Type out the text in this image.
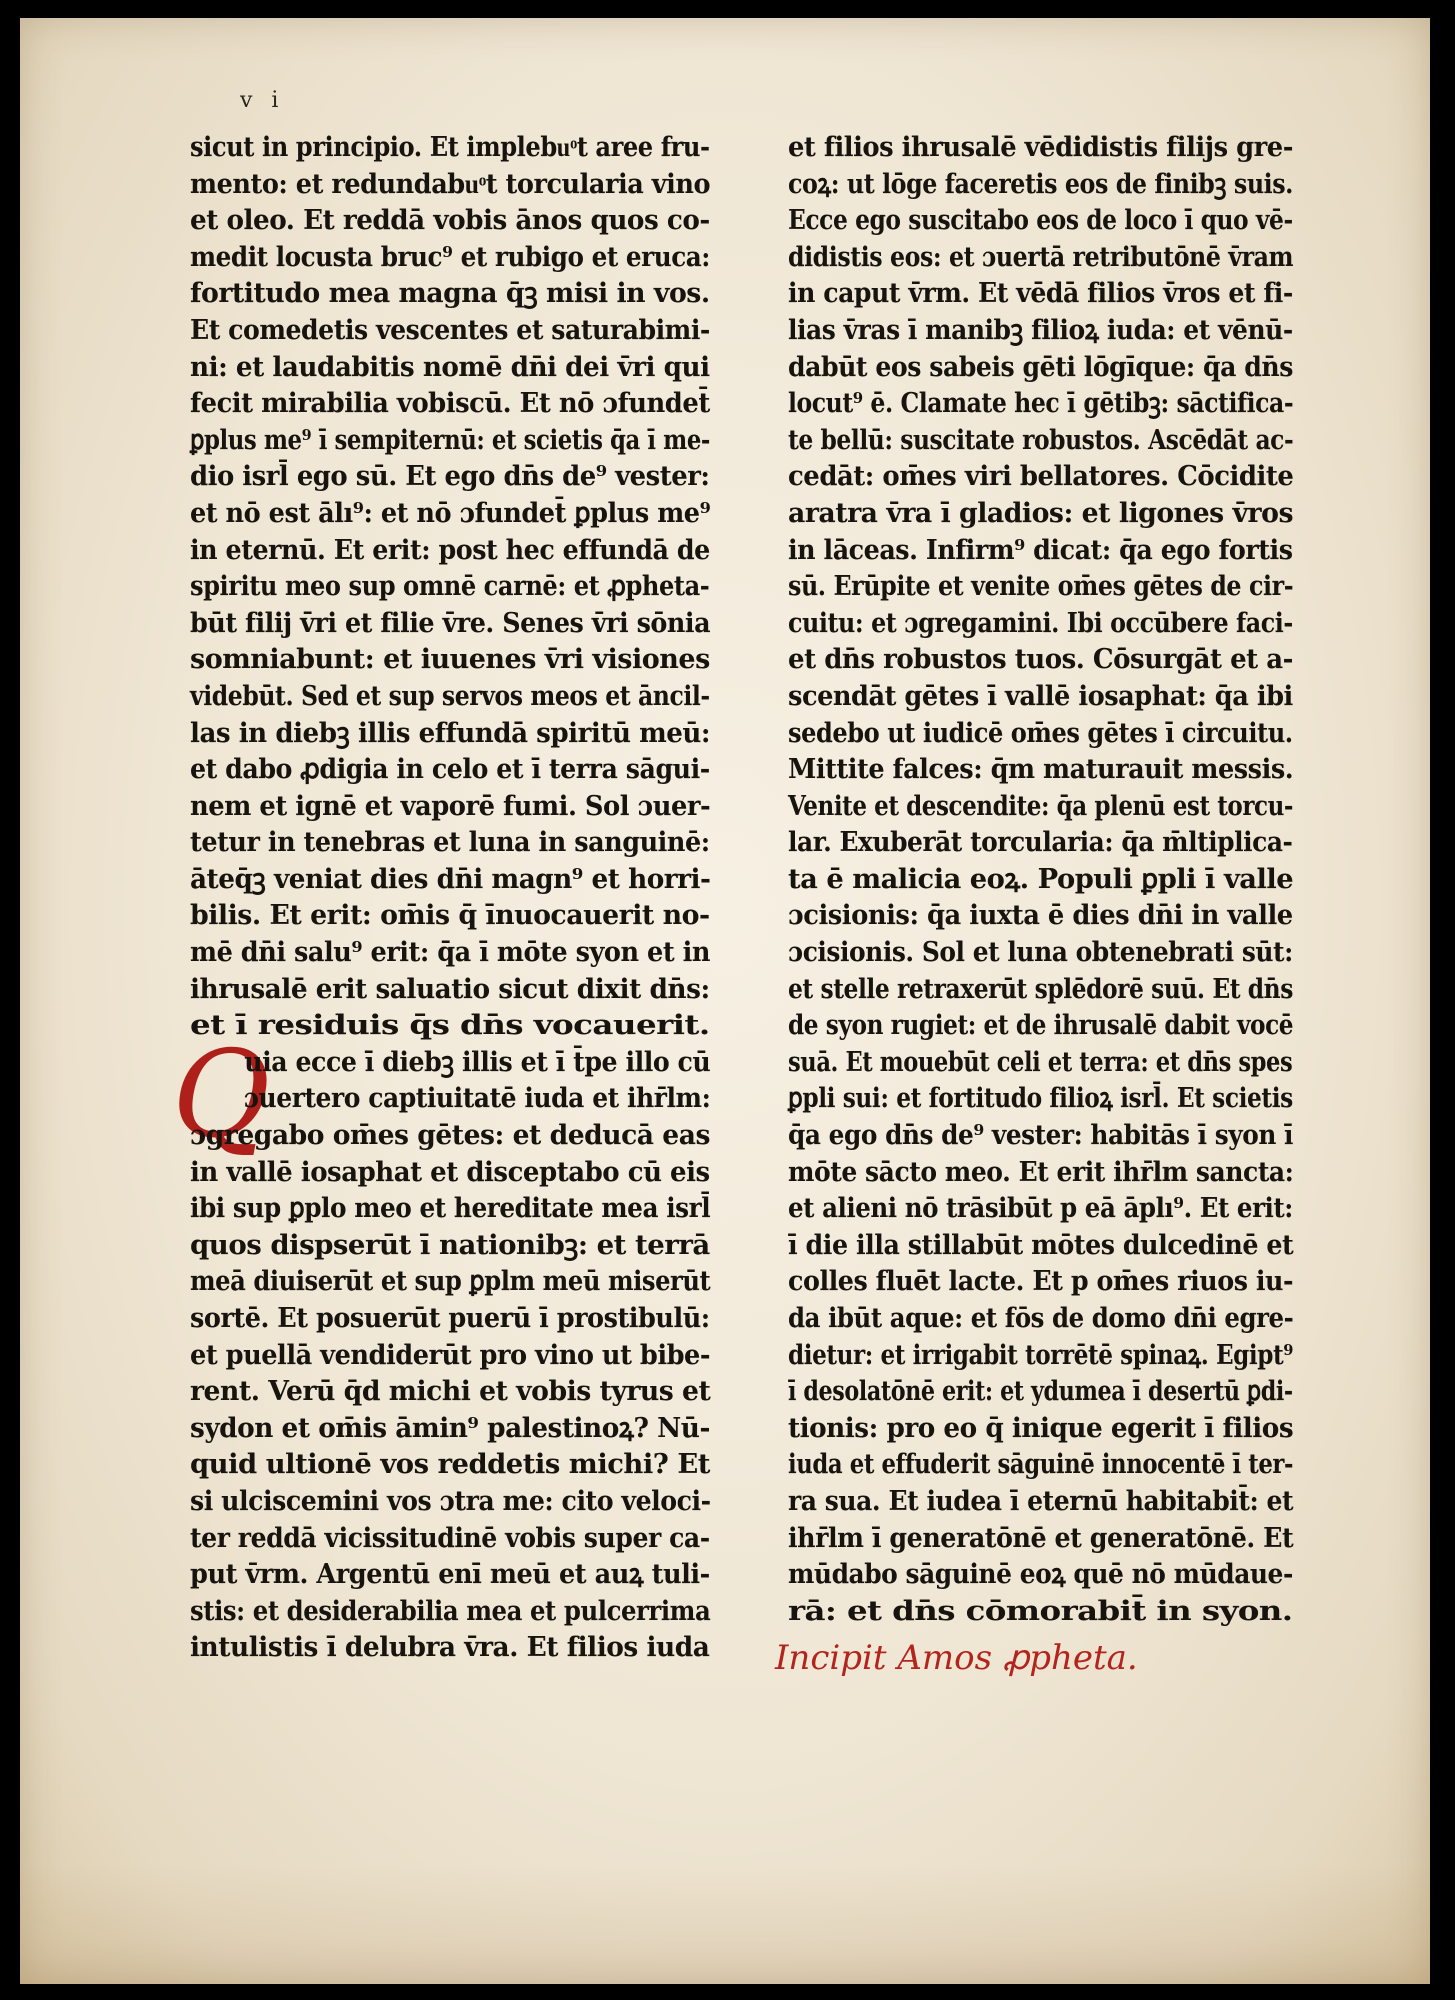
v i
sicut in principio. Et implebuͦt aree fru-
mento: et redundabuͦt torcularia vino
et oleo. Et reddā vobis ānos quos co-
medit locusta bruc⁹ et rubigo et eruca:
fortitudo mea magna q̄ꝫ misi in vos.
Et comedetis vescentes et saturabimi-
ni: et laudabitis nomē dn̄i dei v̄ri qui
fecit mirabilia vobiscū. Et nō ɔfundet̄
ꝑplus me⁹ ī sempiternū: et scietis q̄a ī me-
dio isrl̄ ego sū. Et ego dn̄s de⁹ vester:
et nō est ālı⁹: et nō ɔfundet̄ ꝑplus me⁹
in eternū. Et erit: post hec effundā de
spiritu meo sup omnē carnē: et ꝓpheta-
būt filij v̄ri et filie v̄re. Senes v̄ri sōnia
somniabunt: et iuuenes v̄ri visiones
videbūt. Sed et sup servos meos et āncil-
las in diebꝫ illis effundā spiritū meū:
et dabo ꝓdigia in celo et ī terra sāgui-
nem et ignē et vaporē fumi. Sol ɔuer-
tetur in tenebras et luna in sanguinē:
āteq̄ꝫ veniat dies dn̄i magn⁹ et horri-
bilis. Et erit: om̄is q̄ īnuocauerit no-
mē dn̄i salu⁹ erit: q̄a ī mōte syon et in
ihrusalē erit saluatio sicut dixit dn̄s:
et ī residuis q̄s dn̄s vocauerit.
Q
uia ecce ī diebꝫ illis et ī t̄pe illo cū
ɔuertero captiuitatē iuda et ihr̄lm:
ɔgregabo om̄es gētes: et deducā eas
in vallē iosaphat et disceptabo cū eis
ibi sup ꝑplo meo et hereditate mea isrl̄
quos dispserūt ī nationibꝫ: et terrā
meā diuiserūt et sup ꝑplm meū miserūt
sortē. Et posuerūt puerū ī prostibulū:
et puellā vendiderūt pro vino ut bibe-
rent. Verū q̄d michi et vobis tyrus et
sydon et om̄is āmin⁹ palestinoꝝ? Nū-
quid ultionē vos reddetis michi? Et
si ulciscemini vos ɔtra me: cito veloci-
ter reddā vicissitudinē vobis super ca-
put v̄rm. Argentū enī meū et auꝝ tuli-
stis: et desiderabilia mea et pulcerrima
intulistis ī delubra v̄ra. Et filios iuda
et filios ihrusalē vēdidistis filijs gre-
coꝝ: ut lōge faceretis eos de finibꝫ suis.
Ecce ego suscitabo eos de loco ī quo vē-
didistis eos: et ɔuertā retributōnē v̄ram
in caput v̄rm. Et vēdā filios v̄ros et fi-
lias v̄ras ī manibꝫ filioꝝ iuda: et vēnū-
dabūt eos sabeis gēti lōgīque: q̄a dn̄s
locut⁹ ē. Clamate hec ī gētibꝫ: sāctifica-
te bellū: suscitate robustos. Ascēdāt ac-
cedāt: om̄es viri bellatores. Cōcidite
aratra v̄ra ī gladios: et ligones v̄ros
in lāceas. Infirm⁹ dicat: q̄a ego fortis
sū. Erūpite et venite om̄es gētes de cir-
cuitu: et ɔgregamini. Ibi occūbere faci-
et dn̄s robustos tuos. Cōsurgāt et a-
scendāt gētes ī vallē iosaphat: q̄a ibi
sedebo ut iudicē om̄es gētes ī circuitu.
Mittite falces: q̄m maturauit messis.
Venite et descendite: q̄a plenū est torcu-
lar. Exuberāt torcularia: q̄a m̄ltiplica-
ta ē malicia eoꝝ. Populi ꝑpli ī valle
ɔcisionis: q̄a iuxta ē dies dn̄i in valle
ɔcisionis. Sol et luna obtenebrati sūt:
et stelle retraxerūt splēdorē suū. Et dn̄s
de syon rugiet: et de ihrusalē dabit vocē
suā. Et mouebūt celi et terra: et dn̄s spes
ꝑpli sui: et fortitudo filioꝝ isrl̄. Et scietis
q̄a ego dn̄s de⁹ vester: habitās ī syon ī
mōte sācto meo. Et erit ihr̄lm sancta:
et alieni nō trāsibūt p eā āplı⁹. Et erit:
ī die illa stillabūt mōtes dulcedinē et
colles fluēt lacte. Et p om̄es riuos iu-
da ibūt aque: et fōs de domo dn̄i egre-
dietur: et irrigabit torrētē spinaꝝ. Egipt⁹
ī desolatōnē erit: et ydumea ī desertū ꝑdi-
tionis: pro eo q̄ inique egerit ī filios
iuda et effuderit sāguinē innocentē ī ter-
ra sua. Et iudea ī eternū habitabit̄: et
ihr̄lm ī generatōnē et generatōnē. Et
mūdabo sāguinē eoꝝ quē nō mūdaue-
rā: et dn̄s cōmorabit̄ in syon.
Incipit Amos ꝓpheta.
